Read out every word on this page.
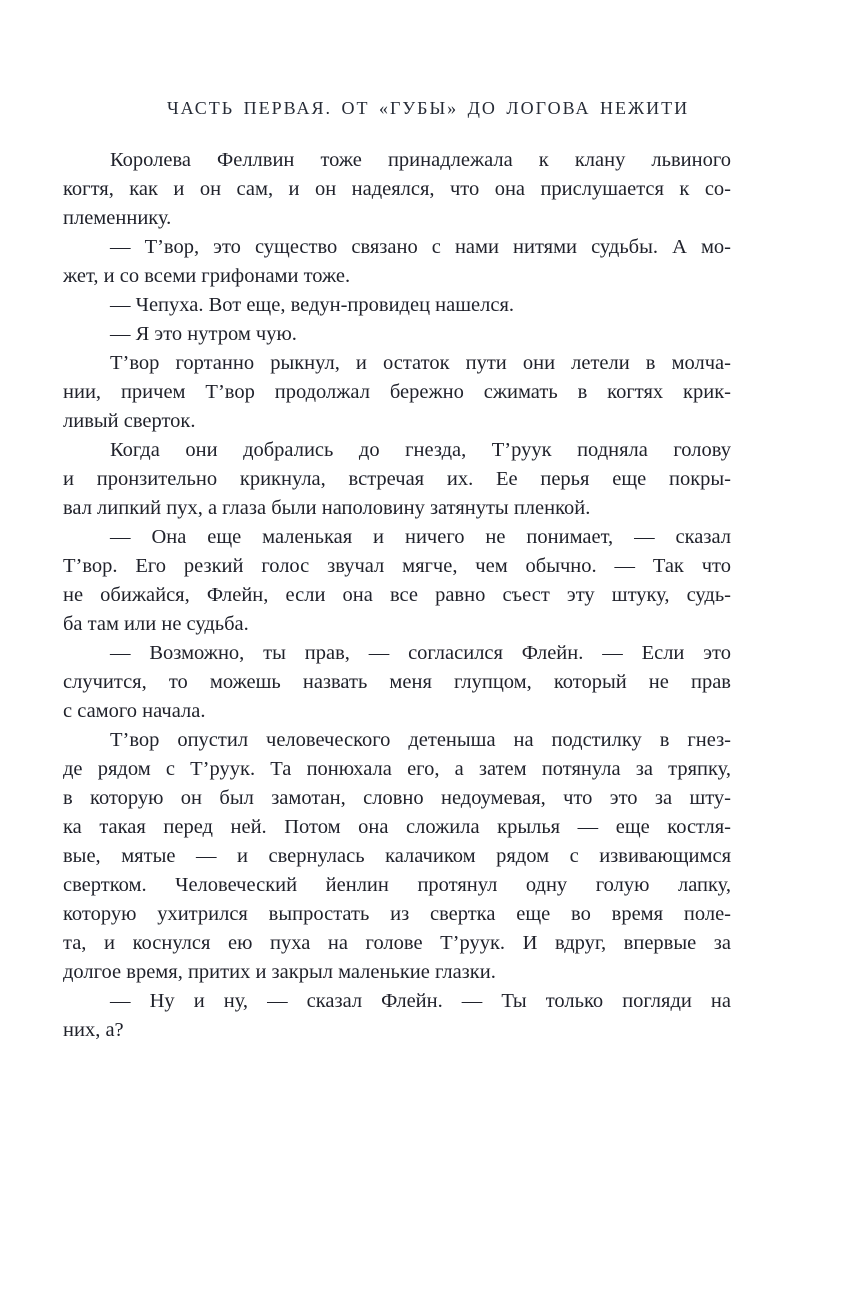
ЧАСТЬ ПЕРВАЯ. ОТ «ГУБЫ» ДО ЛОГОВА НЕЖИТИ
Королева Феллвин тоже принадлежала к клану львиного
когтя, как и он сам, и он надеялся, что она прислушается к со-
племеннику.
— Т’вор, это существо связано с нами нитями судьбы. А мо-
жет, и со всеми грифонами тоже.
— Чепуха. Вот еще, ведун-провидец нашелся.
— Я это нутром чую.
Т’вор гортанно рыкнул, и остаток пути они летели в молча-
нии, причем Т’вор продолжал бережно сжимать в когтях крик-
ливый сверток.
Когда они добрались до гнезда, Т’руук подняла голову
и пронзительно крикнула, встречая их. Ее перья еще покры-
вал липкий пух, а глаза были наполовину затянуты пленкой.
— Она еще маленькая и ничего не понимает, — сказал
Т’вор. Его резкий голос звучал мягче, чем обычно. — Так что
не обижайся, Флейн, если она все равно съест эту штуку, судь-
ба там или не судьба.
— Возможно, ты прав, — согласился Флейн. — Если это
случится, то можешь назвать меня глупцом, который не прав
с самого начала.
Т’вор опустил человеческого детеныша на подстилку в гнез-
де рядом с Т’руук. Та понюхала его, а затем потянула за тряпку,
в которую он был замотан, словно недоумевая, что это за шту-
ка такая перед ней. Потом она сложила крылья — еще костля-
вые, мятые — и свернулась калачиком рядом с извивающимся
свертком. Человеческий йенлин протянул одну голую лапку,
которую ухитрился выпростать из свертка еще во время поле-
та, и коснулся ею пуха на голове Т’руук. И вдруг, впервые за
долгое время, притих и закрыл маленькие глазки.
— Ну и ну, — сказал Флейн. — Ты только погляди на
них, а?
